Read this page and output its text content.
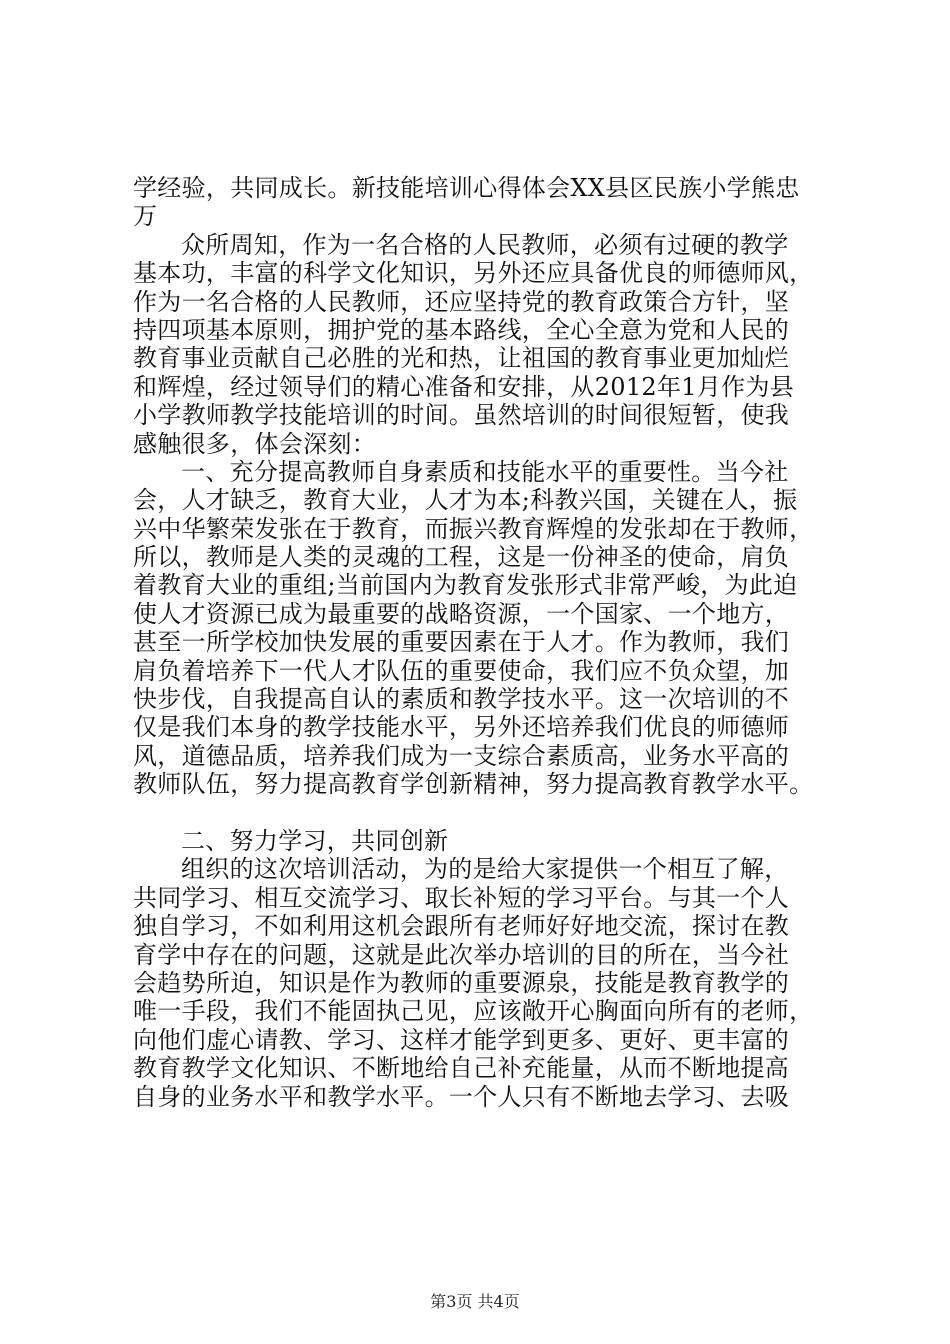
学经验，共同成长。新技能培训心得体会XX县区民族小学熊忠
万
众所周知，作为一名合格的人民教师，必须有过硬的教学
基本功，丰富的科学文化知识，另外还应具备优良的师德师风，
作为一名合格的人民教师，还应坚持党的教育政策合方针，坚
持四项基本原则，拥护党的基本路线，全心全意为党和人民的
教育事业贡献自己必胜的光和热，让祖国的教育事业更加灿烂
和辉煌，经过领导们的精心准备和安排，从2012年1月作为县
小学教师教学技能培训的时间。虽然培训的时间很短暂，使我
感触很多，体会深刻：
一、充分提高教师自身素质和技能水平的重要性。当今社
会，人才缺乏，教育大业，人才为本;科教兴国，关键在人，振
兴中华繁荣发张在于教育，而振兴教育辉煌的发张却在于教师，
所以，教师是人类的灵魂的工程，这是一份神圣的使命，肩负
着教育大业的重组;当前国内为教育发张形式非常严峻，为此迫
使人才资源已成为最重要的战略资源，一个国家、一个地方，
甚至一所学校加快发展的重要因素在于人才。作为教师，我们
肩负着培养下一代人才队伍的重要使命，我们应不负众望，加
快步伐，自我提高自认的素质和教学技水平。这一次培训的不
仅是我们本身的教学技能水平，另外还培养我们优良的师德师
风，道德品质，培养我们成为一支综合素质高，业务水平高的
教师队伍，努力提高教育学创新精神，努力提高教育教学水平。
二、努力学习，共同创新
组织的这次培训活动，为的是给大家提供一个相互了解，
共同学习、相互交流学习、取长补短的学习平台。与其一个人
独自学习，不如利用这机会跟所有老师好好地交流，探讨在教
育学中存在的问题，这就是此次举办培训的目的所在，当今社
会趋势所迫，知识是作为教师的重要源泉，技能是教育教学的
唯一手段，我们不能固执己见，应该敞开心胸面向所有的老师，
向他们虚心请教、学习、这样才能学到更多、更好、更丰富的
教育教学文化知识、不断地给自己补充能量，从而不断地提高
自身的业务水平和教学水平。一个人只有不断地去学习、去吸
第3页 共4页
